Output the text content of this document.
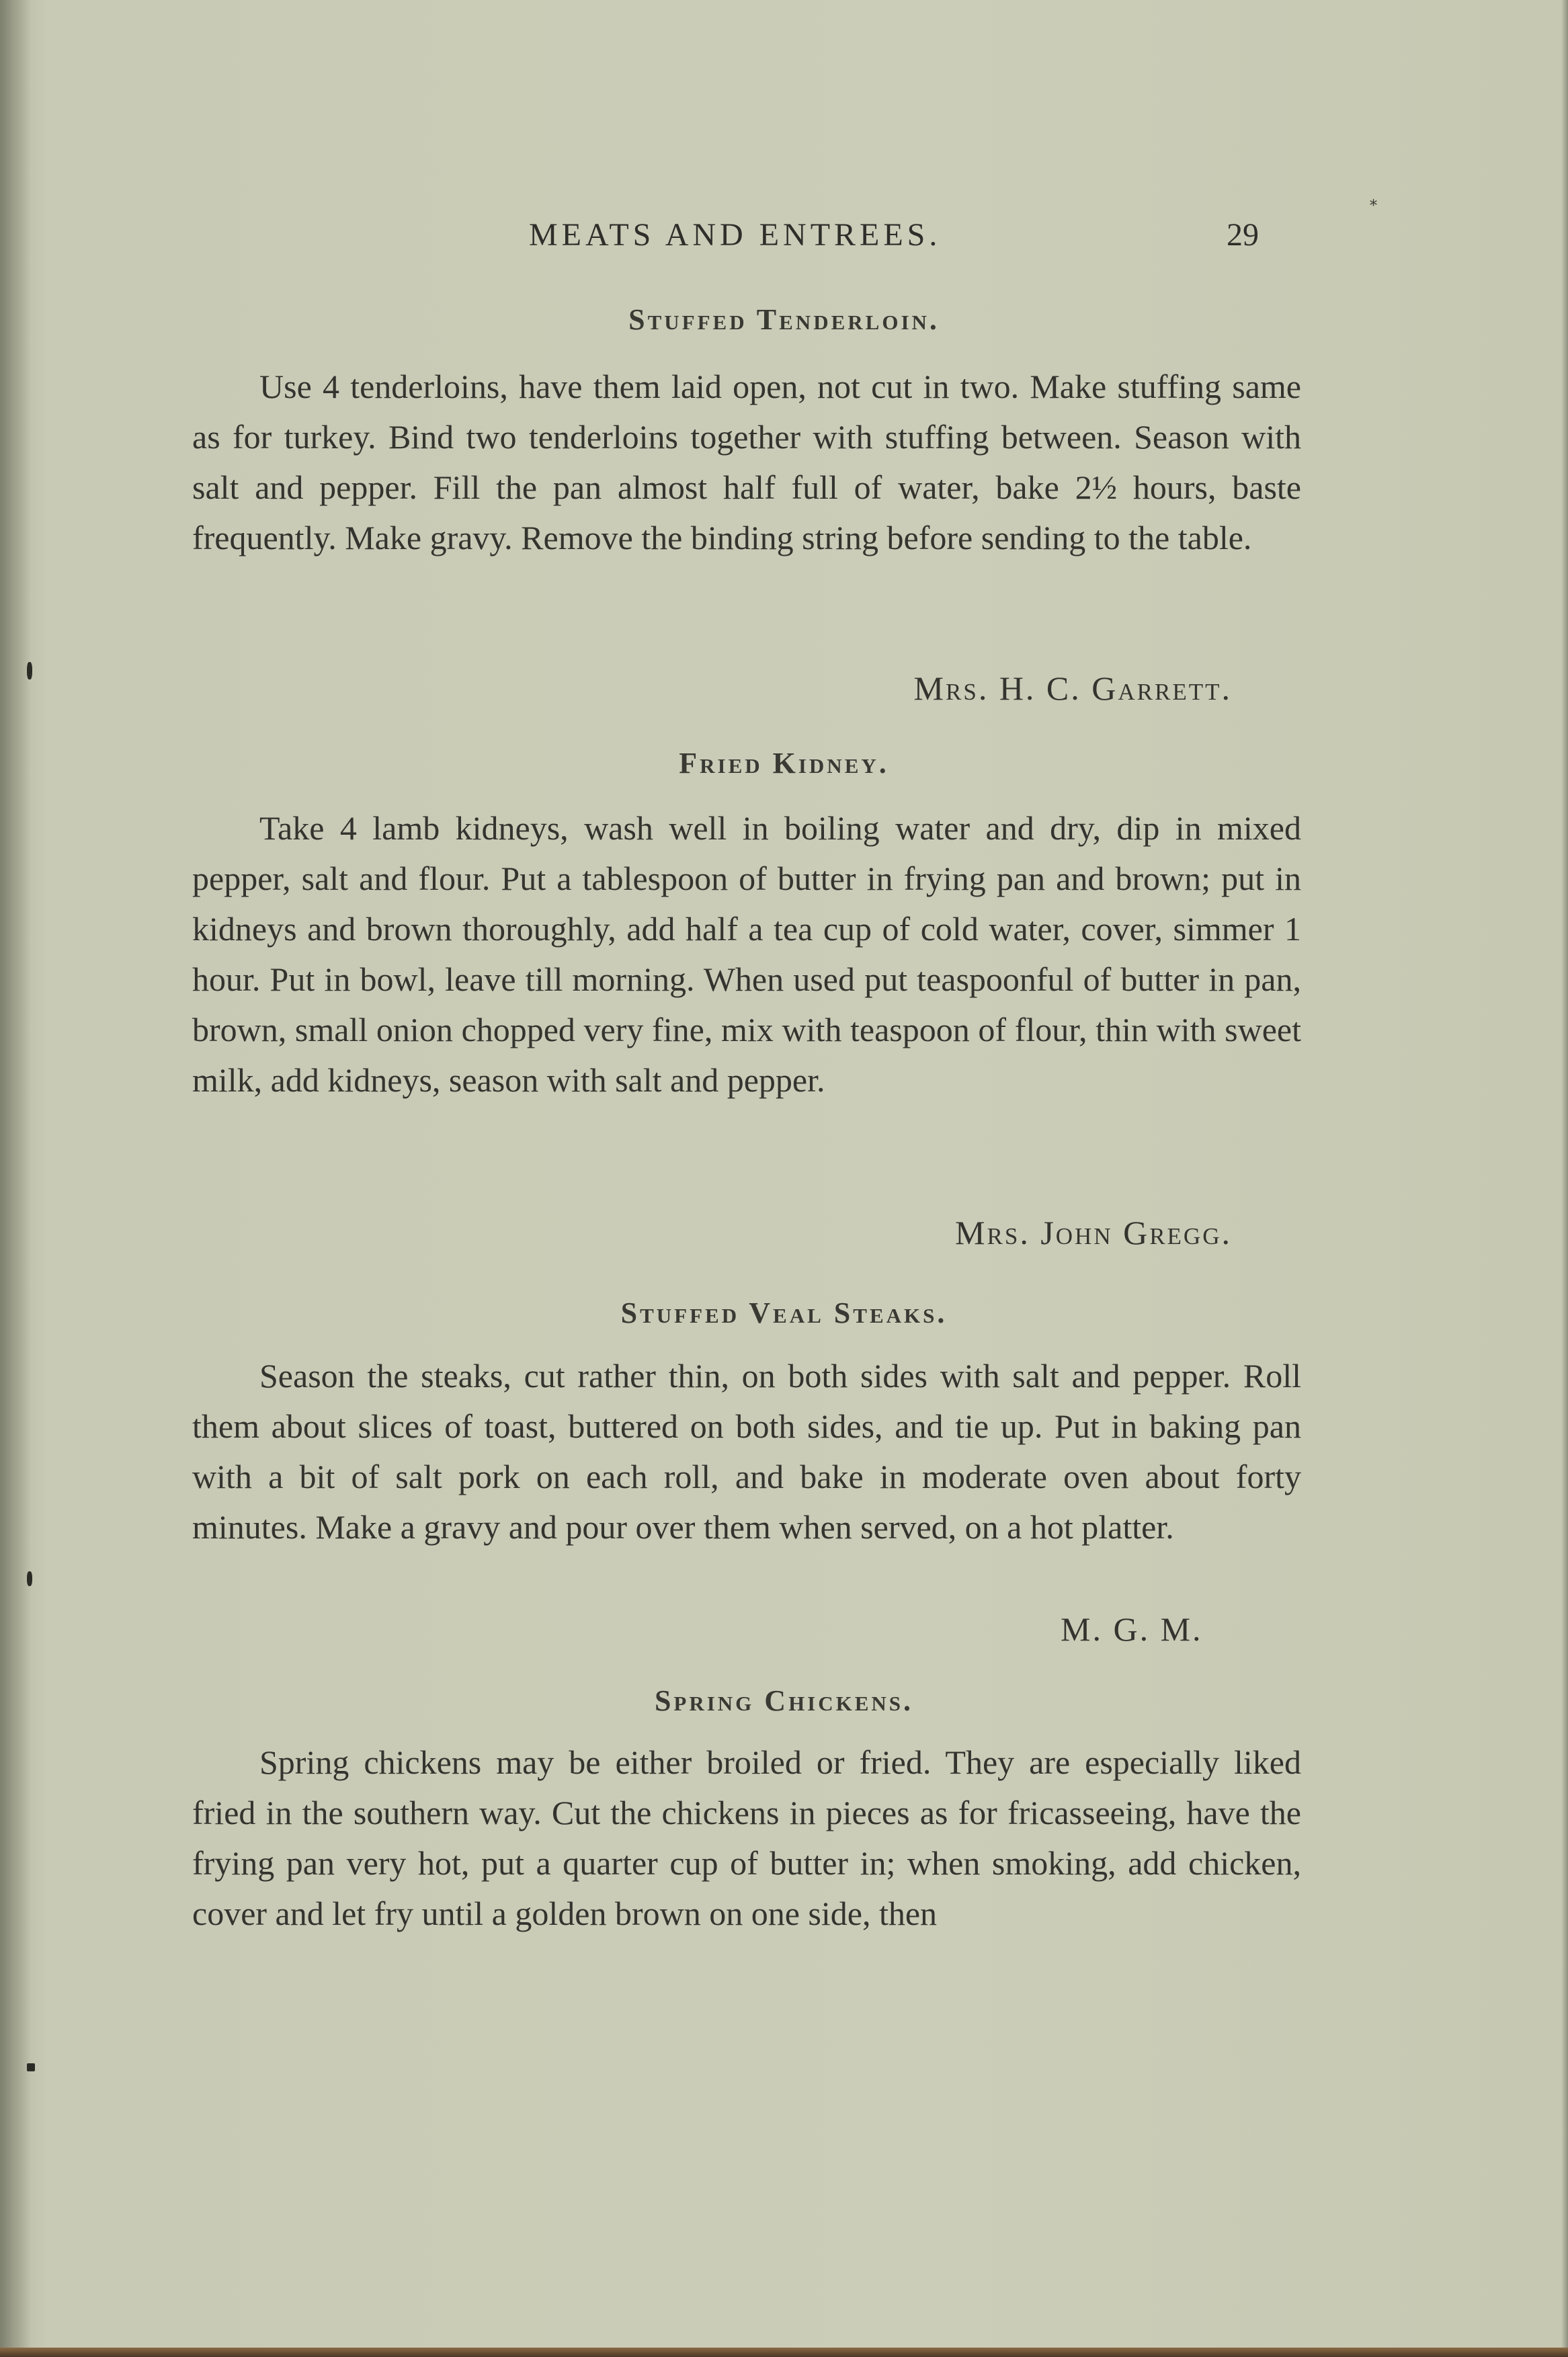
MEATS AND ENTREES.	29
⁎
Stuffed Tenderloin.

Use 4 tenderloins, have them laid open, not cut in two. Make stuffing same as for turkey. Bind two tenderloins together with stuffing between. Season with salt and pepper. Fill the pan almost half full of water, bake 2½ hours, baste frequently. Make gravy. Remove the binding string before sending to the table.

Mrs. H. C. Garrett.
Fried Kidney.

Take 4 lamb kidneys, wash well in boiling water and dry, dip in mixed pepper, salt and flour. Put a tablespoon of butter in frying pan and brown; put in kidneys and brown thoroughly, add half a tea cup of cold water, cover, simmer 1 hour. Put in bowl, leave till morning. When used put teaspoonful of butter in pan, brown, small onion chopped very fine, mix with teaspoon of flour, thin with sweet milk, add kidneys, season with salt and pepper.

Mrs. John Gregg.
Stuffed Veal Steaks.

Season the steaks, cut rather thin, on both sides with salt and pepper. Roll them about slices of toast, buttered on both sides, and tie up. Put in baking pan with a bit of salt pork on each roll, and bake in moderate oven about forty minutes. Make a gravy and pour over them when served, on a hot platter.

M. G. M.
Spring Chickens.

Spring chickens may be either broiled or fried. They are especially liked fried in the southern way. Cut the chickens in pieces as for fricasseeing, have the frying pan very hot, put a quarter cup of butter in; when smoking, add chicken, cover and let fry until a golden brown on one side, then
